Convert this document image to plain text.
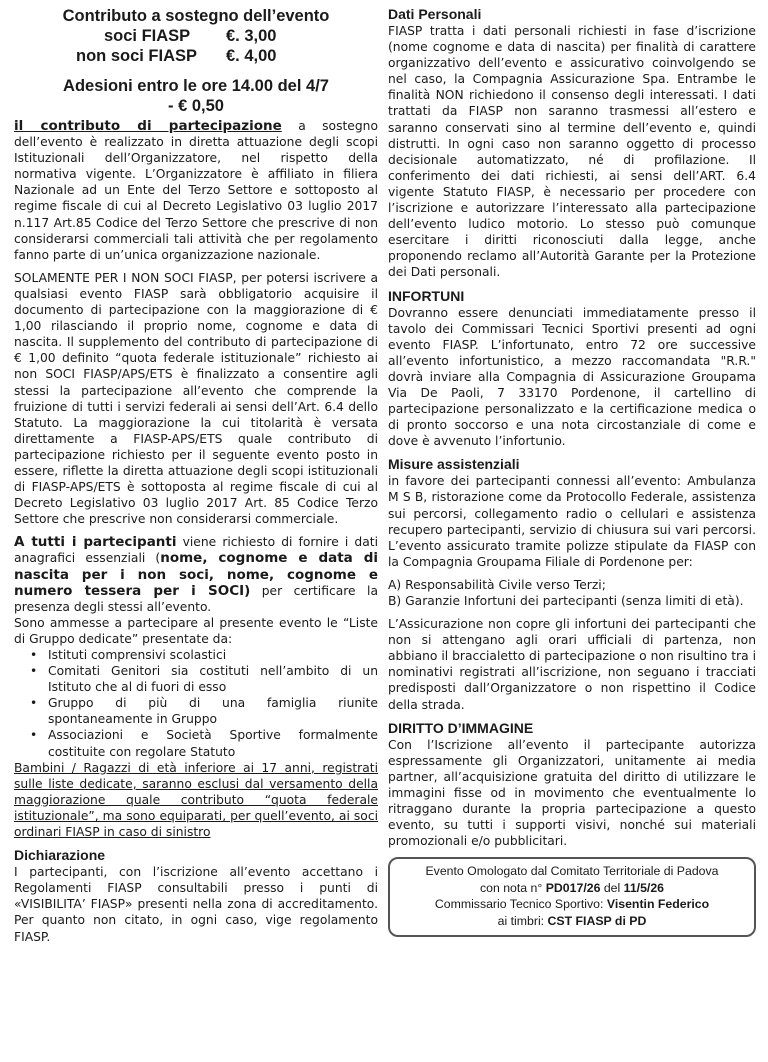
Contributo a sostegno dell’evento
soci FIASP €. 3,00
non soci FIASP €. 4,00
Adesioni entro le ore 14.00 del 4/7
- € 0,50

il contributo di partecipazione a sostegno dell’evento è realizzato in diretta attuazione degli scopi Istituzionali dell’Organizzatore, nel rispetto della normativa vigente. L’Organizzatore è affiliato in filiera Nazionale ad un Ente del Terzo Settore e sottoposto al regime fiscale di cui al Decreto Legislativo 03 luglio 2017 n.117 Art.85 Codice del Terzo Settore che prescrive di non considerarsi commerciali tali attività che per regolamento fanno parte di un’unica organizzazione nazionale.

SOLAMENTE PER I NON SOCI FIASP, per potersi iscrivere a qualsiasi evento FIASP sarà obbligatorio acquisire il documento di partecipazione con la maggiorazione di € 1,00 rilasciando il proprio nome, cognome e data di nascita. Il supplemento del contributo di partecipazione di € 1,00 definito “quota federale istituzionale” richiesto ai non SOCI FIASP/APS/ETS è finalizzato a consentire agli stessi la partecipazione all’evento che comprende la fruizione di tutti i servizi federali ai sensi dell’Art. 6.4 dello Statuto. La maggiorazione la cui titolarità è versata direttamente a FIASP-APS/ETS quale contributo di partecipazione richiesto per il seguente evento posto in essere, riflette la diretta attuazione degli scopi istituzionali di FIASP-APS/ETS è sottoposta al regime fiscale di cui al Decreto Legislativo 03 luglio 2017 Art. 85 Codice Terzo Settore che prescrive non considerarsi commerciale.

A tutti i partecipanti viene richiesto di fornire i dati anagrafici essenziali (nome, cognome e data di nascita per i non soci, nome, cognome e numero tessera per i SOCI) per certificare la presenza degli stessi all’evento.

Sono ammesse a partecipare al presente evento le “Liste di Gruppo dedicate” presentate da:

• Istituti comprensivi scolastici
• Comitati Genitori sia costituti nell’ambito di un Istituto che al di fuori di esso
• Gruppo di più di una famiglia riunite spontaneamente in Gruppo
• Associazioni e Società Sportive formalmente costituite con regolare Statuto

Bambini / Ragazzi di età inferiore ai 17 anni, registrati sulle liste dedicate, saranno esclusi dal versamento della maggiorazione quale contributo “quota federale istituzionale”, ma sono equiparati, per quell’evento, ai soci ordinari FIASP in caso di sinistro

Dichiarazione

I partecipanti, con l’iscrizione all’evento accettano i Regolamenti FIASP consultabili presso i punti di «VISIBILITA’ FIASP» presenti nella zona di accreditamento. Per quanto non citato, in ogni caso, vige regolamento FIASP.

Dati Personali

FIASP tratta i dati personali richiesti in fase d’iscrizione (nome cognome e data di nascita) per finalità di carattere organizzativo dell’evento e assicurativo coinvolgendo se nel caso, la Compagnia Assicurazione Spa. Entrambe le finalità NON richiedono il consenso degli interessati. I dati trattati da FIASP non saranno trasmessi all’estero e saranno conservati sino al termine dell’evento e, quindi distrutti. In ogni caso non saranno oggetto di processo decisionale automatizzato, né di profilazione. Il conferimento dei dati richiesti, ai sensi dell’ART. 6.4 vigente Statuto FIASP, è necessario per procedere con l’iscrizione e autorizzare l’interessato alla partecipazione dell’evento ludico motorio. Lo stesso può comunque esercitare i diritti riconosciuti dalla legge, anche proponendo reclamo all’Autorità Garante per la Protezione dei Dati personali.

INFORTUNI

Dovranno essere denunciati immediatamente presso il tavolo dei Commissari Tecnici Sportivi presenti ad ogni evento FIASP. L’infortunato, entro 72 ore successive all’evento infortunistico, a mezzo raccomandata "R.R." dovrà inviare alla Compagnia di Assicurazione Groupama Via De Paoli, 7 33170 Pordenone, il cartellino di partecipazione personalizzato e la certificazione medica o di pronto soccorso e una nota circostanziale di come e dove è avvenuto l’infortunio.

Misure assistenziali

in favore dei partecipanti connessi all’evento: Ambulanza M S B, ristorazione come da Protocollo Federale, assistenza sui percorsi, collegamento radio o cellulari e assistenza recupero partecipanti, servizio di chiusura sui vari percorsi. L’evento assicurato tramite polizze stipulate da FIASP con la Compagnia Groupama Filiale di Pordenone per:

A) Responsabilità Civile verso Terzi;

B) Garanzie Infortuni dei partecipanti (senza limiti di età).

L’Assicurazione non copre gli infortuni dei partecipanti che non si attengano agli orari ufficiali di partenza, non abbiano il braccialetto di partecipazione o non risultino tra i nominativi registrati all’iscrizione, non seguano i tracciati predisposti dall’Organizzatore o non rispettino il Codice della strada.

DIRITTO D’IMMAGINE

Con l’Iscrizione all’evento il partecipante autorizza espressamente gli Organizzatori, unitamente ai media partner, all’acquisizione gratuita del diritto di utilizzare le immagini fisse od in movimento che eventualmente lo ritraggano durante la propria partecipazione a questo evento, su tutti i supporti visivi, nonché sui materiali promozionali e/o pubblicitari.

Evento Omologato dal Comitato Territoriale di Padova

con nota n° PD017/26 del 11/5/26

Commissario Tecnico Sportivo: Visentin Federico

ai timbri: CST FIASP di PD
